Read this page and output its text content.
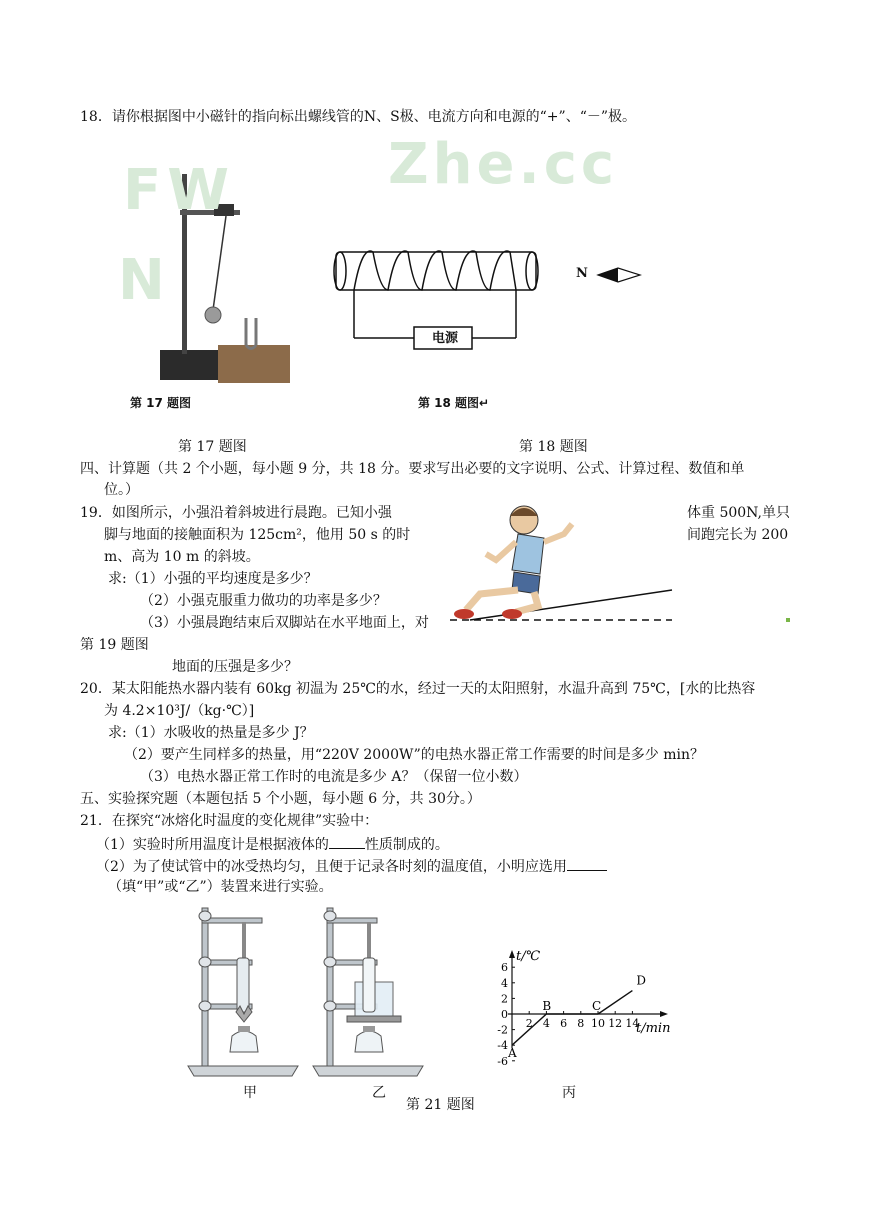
18．请你根据图中小磁针的指向标出螺线管的N、S极、电流方向和电源的“+”、“－”极。
FW
N
Zhe.cc
电源
N
第 17 题图	第 18 题图↵
第 17 题图	第 18 题图
四、计算题（共 2 个小题，每小题 9 分，共 18 分。要求写出必要的文字说明、公式、计算过程、数值和单
位。）
19．如图所示，小强沿着斜坡进行晨跑。已知小强	体重 500N,单只
脚与地面的接触面积为 125cm²，他用 50 s 的时	间跑完长为 200
m、高为 10 m 的斜坡。
求:（1）小强的平均速度是多少？
（2）小强克服重力做功的功率是多少？
（3）小强晨跑结束后双脚站在水平地面上，对
第 19 题图
地面的压强是多少？
20．某太阳能热水器内装有 60kg 初温为 25℃的水，经过一天的太阳照射，水温升高到 75℃，[水的比热容
为 4.2×10³J/（kg·℃）]
求:（1）水吸收的热量是多少 J？
（2）要产生同样多的热量，用“220V 2000W”的电热水器正常工作需要的时间是多少 min？
（3）电热水器正常工作时的电流是多少 A？（保留一位小数）
五、实验探究题（本题包括 5 个小题，每小题 6 分，共 30分。）
21．在探究“冰熔化时温度的变化规律”实验中：
（1）实验时所用温度计是根据液体的	性质制成的。
（2）为了使试管中的冰受热均匀，且便于记录各时刻的温度值，小明应选用
（填“甲”或“乙”）装置来进行实验。
甲	乙	丙
第 21 题图
6
4
2
0
-2
-4
-6
2 4 6 8 10 12 14
A
B	C
D
t/℃
t/min
